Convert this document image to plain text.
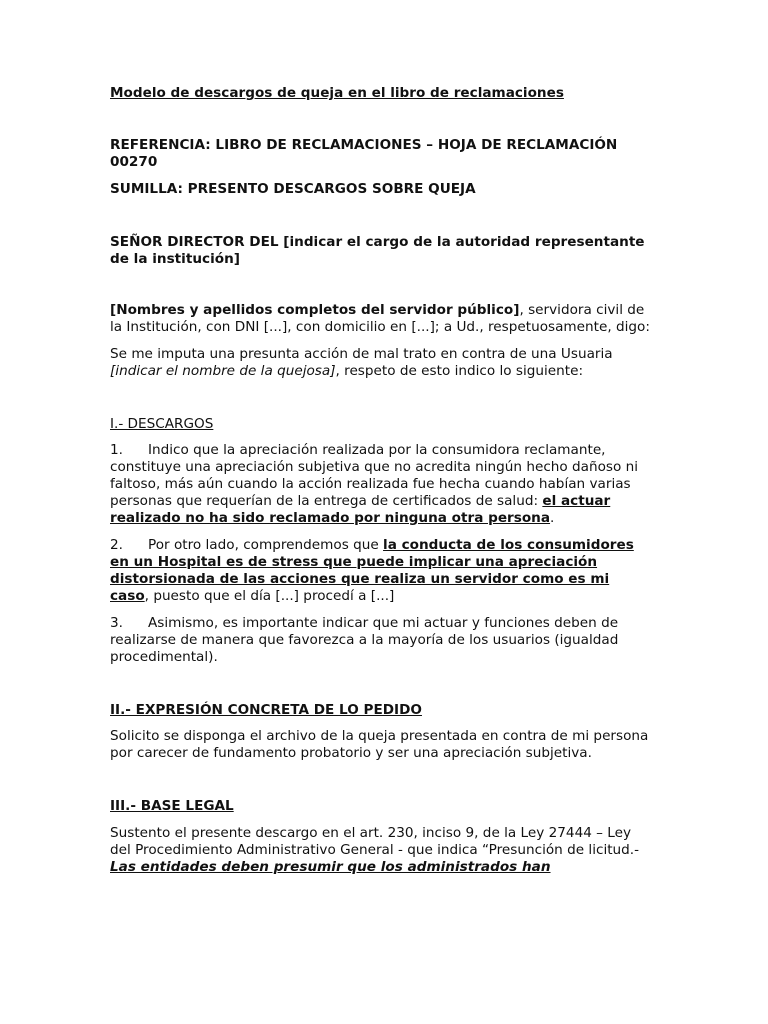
Modelo de descargos de queja en el libro de reclamaciones

REFERENCIA: LIBRO DE RECLAMACIONES – HOJA DE RECLAMACIÓN 00270

SUMILLA: PRESENTO DESCARGOS SOBRE QUEJA

SEÑOR DIRECTOR DEL [indicar el cargo de la autoridad representante de la institución]

[Nombres y apellidos completos del servidor público], servidora civil de la Institución, con DNI [...], con domicilio en [...]; a Ud., respetuosamente, digo:

Se me imputa una presunta acción de mal trato en contra de una Usuaria [indicar el nombre de la quejosa], respeto de esto indico lo siguiente:

I.- DESCARGOS

1. Indico que la apreciación realizada por la consumidora reclamante, constituye una apreciación subjetiva que no acredita ningún hecho dañoso ni faltoso, más aún cuando la acción realizada fue hecha cuando habían varias personas que requerían de la entrega de certificados de salud: el actuar realizado no ha sido reclamado por ninguna otra persona.

2. Por otro lado, comprendemos que la conducta de los consumidores en un Hospital es de stress que puede implicar una apreciación distorsionada de las acciones que realiza un servidor como es mi caso, puesto que el día [...] procedí a [...]

3. Asimismo, es importante indicar que mi actuar y funciones deben de realizarse de manera que favorezca a la mayoría de los usuarios (igualdad procedimental).

II.- EXPRESIÓN CONCRETA DE LO PEDIDO

Solicito se disponga el archivo de la queja presentada en contra de mi persona por carecer de fundamento probatorio y ser una apreciación subjetiva.

III.- BASE LEGAL

Sustento el presente descargo en el art. 230, inciso 9, de la Ley 27444 – Ley del Procedimiento Administrativo General - que indica “Presunción de licitud.- Las entidades deben presumir que los administrados han
